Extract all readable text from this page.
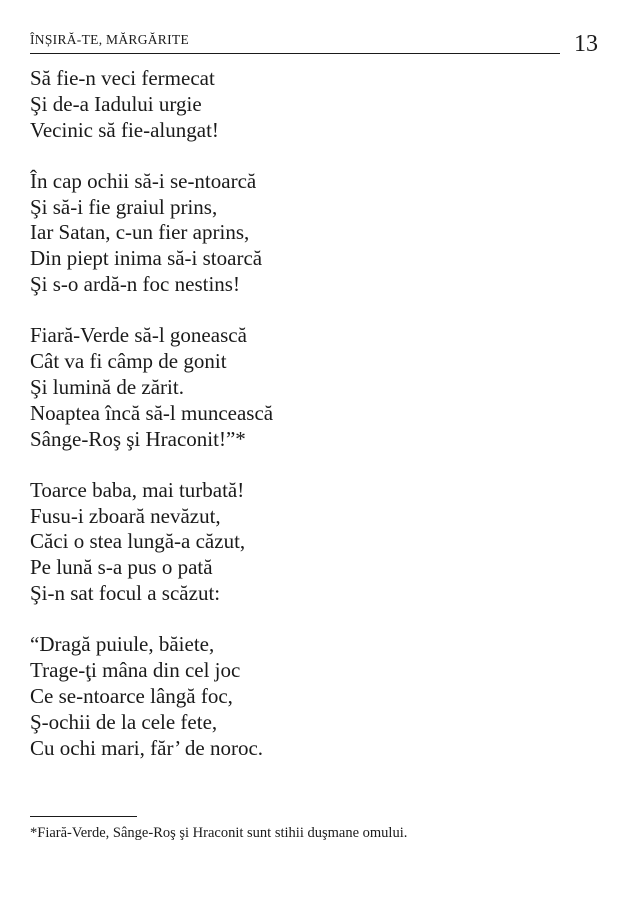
ÎNȘIRĂ-TE, MĂRGĂRITE	13
Să fie-n veci fermecat
Şi de-a Iadului urgie
Vecinic să fie-alungat!
În cap ochii să-i se-ntoarcă
Şi să-i fie graiul prins,
Iar Satan, c-un fier aprins,
Din piept inima să-i stoarcă
Şi s-o ardă-n foc nestins!
Fiară-Verde să-l gonească
Cât va fi câmp de gonit
Şi lumină de zărit.
Noaptea încă să-l muncească
Sânge-Roş şi Hraconit!”*
Toarce baba, mai turbată!
Fusu-i zboară nevăzut,
Căci o stea lungă-a căzut,
Pe lună s-a pus o pată
Şi-n sat focul a scăzut:
“Dragă puiule, băiete,
Trage-ţi mâna din cel joc
Ce se-ntoarce lângă foc,
Ş-ochii de la cele fete,
Cu ochi mari, făr’ de noroc.
*Fiară-Verde, Sânge-Roş şi Hraconit sunt stihii duşmane omului.
